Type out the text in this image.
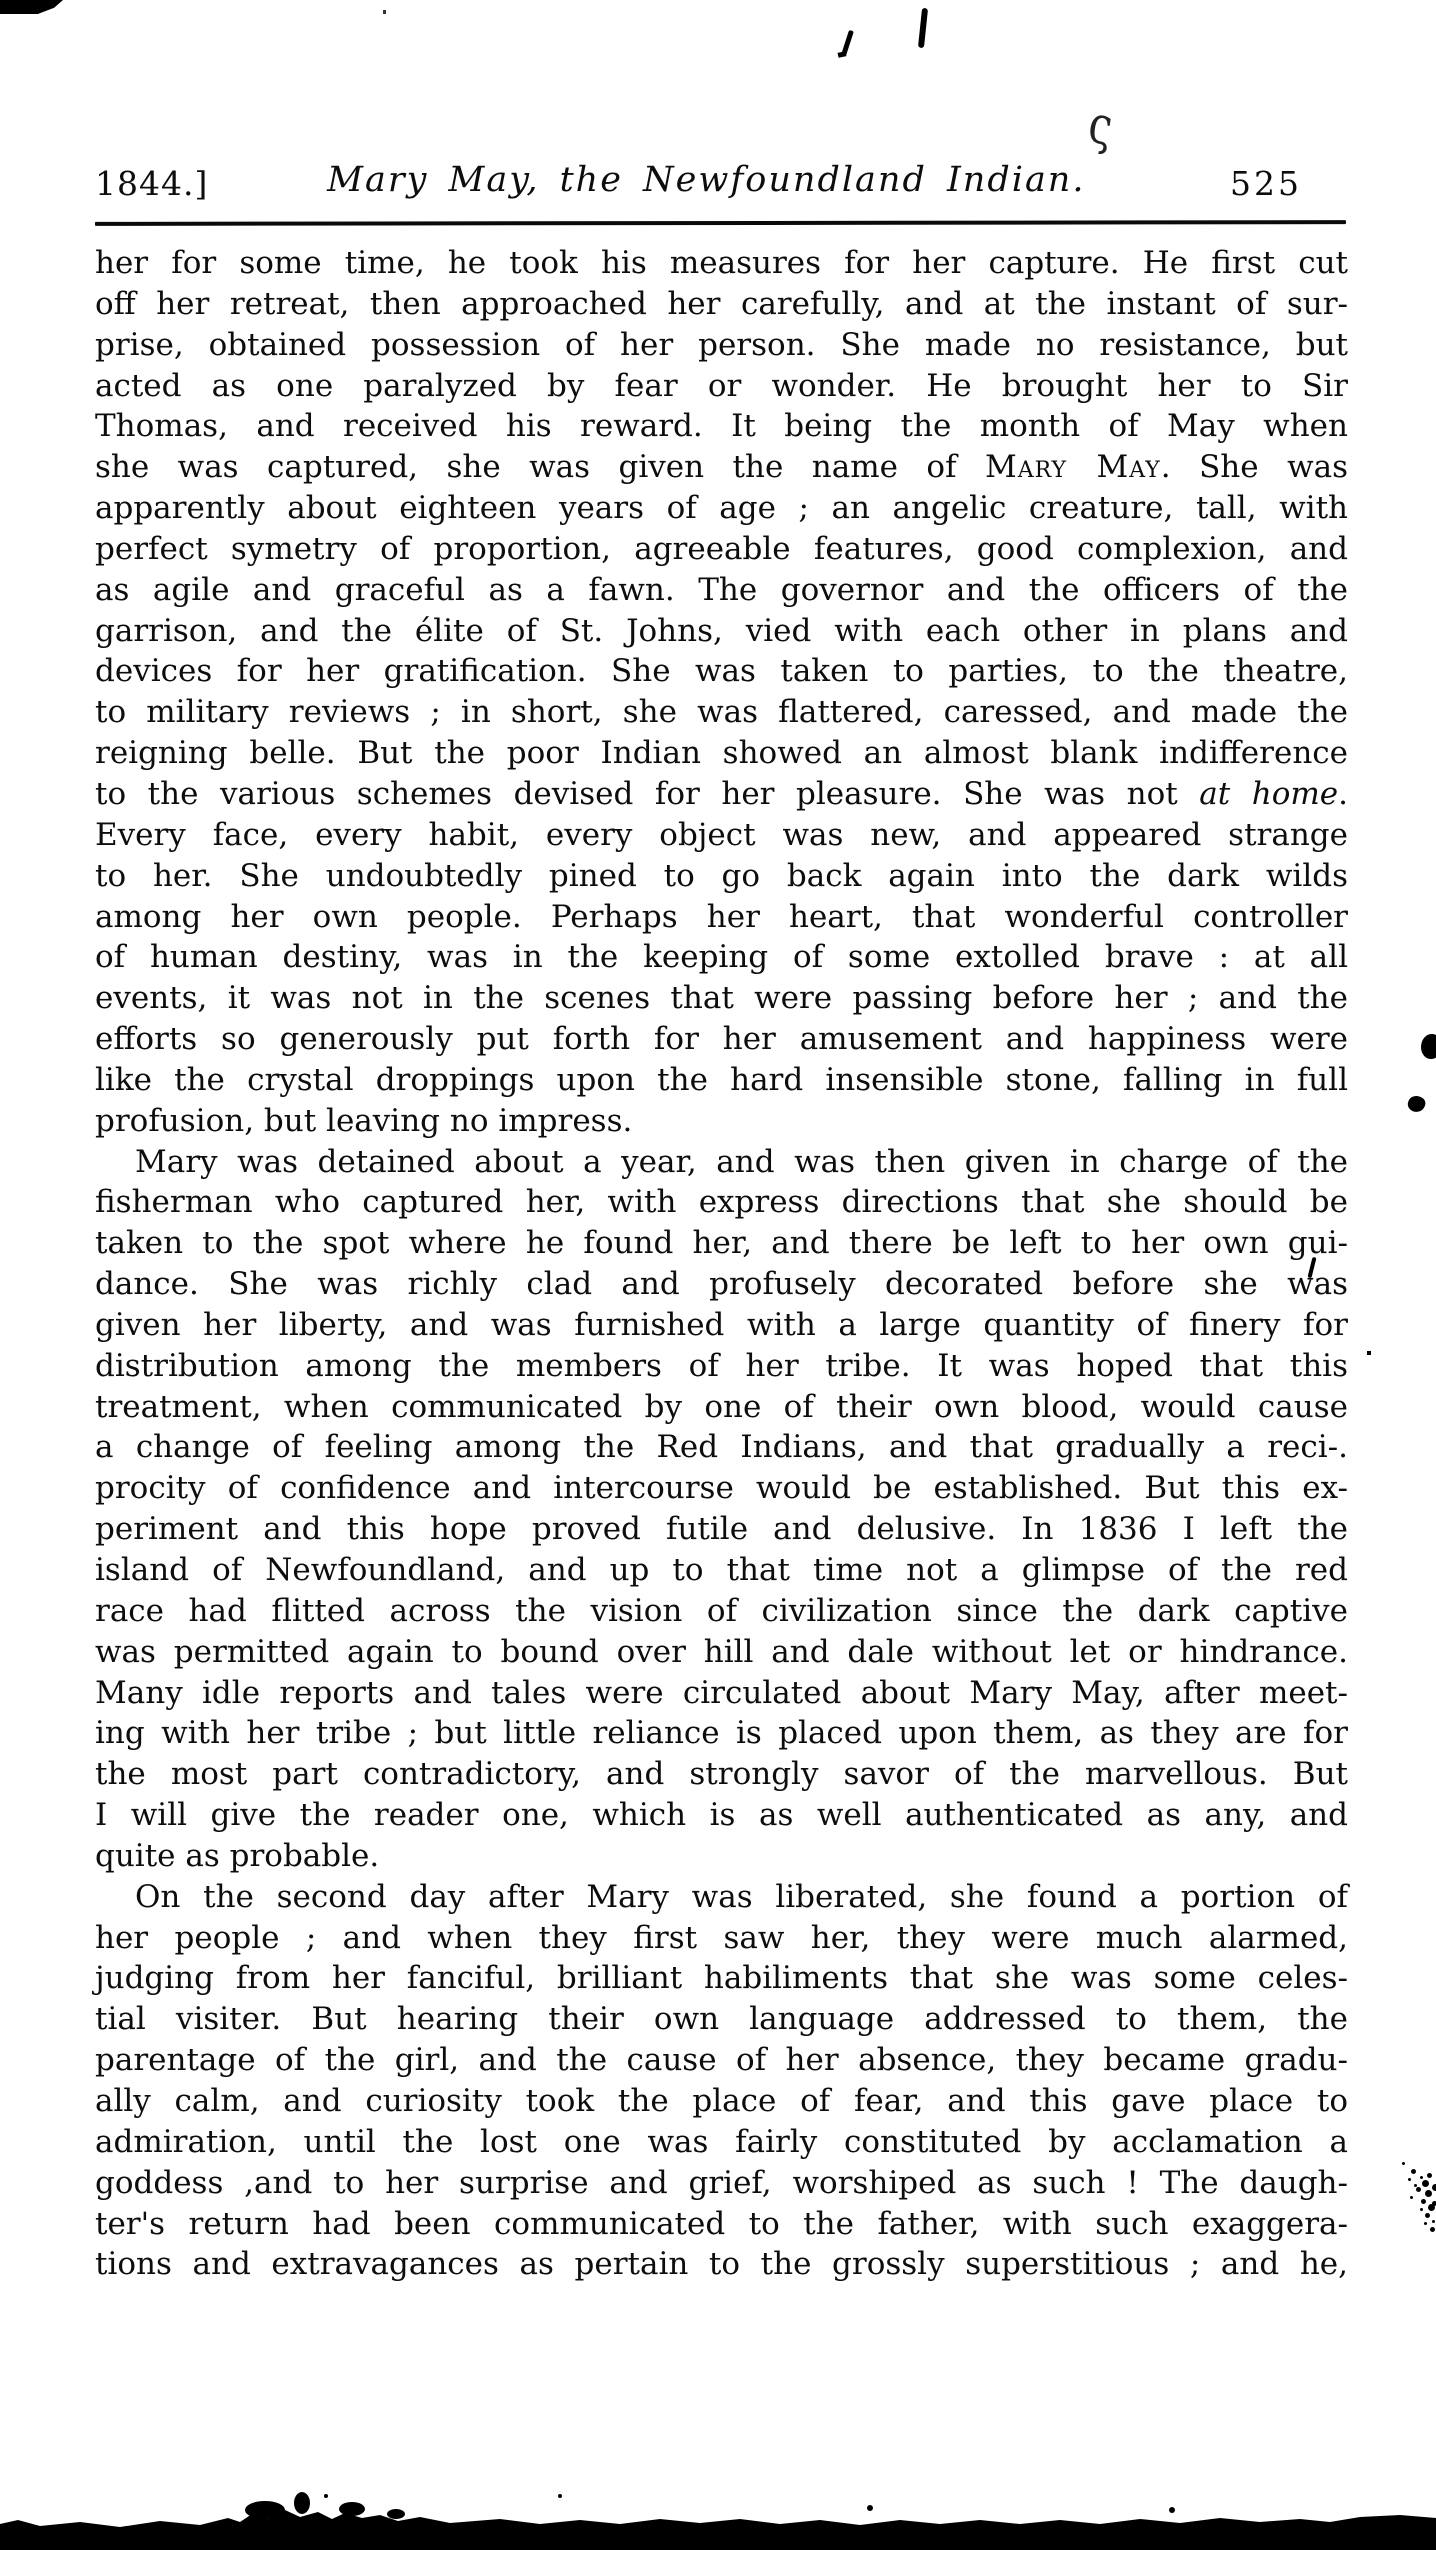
ς
1844.]	Mary May, the Newfoundland Indian.	525
her for some time, he took his measures for her capture. He first cut
off her retreat, then approached her carefully, and at the instant of sur-
prise, obtained possession of her person. She made no resistance, but
acted as one paralyzed by fear or wonder. He brought her to Sir
Thomas, and received his reward. It being the month of May when
she was captured, she was given the name of Mary May. She was
apparently about eighteen years of age ; an angelic creature, tall, with
perfect symetry of proportion, agreeable features, good complexion, and
as agile and graceful as a fawn. The governor and the officers of the
garrison, and the élite of St. Johns, vied with each other in plans and
devices for her gratification. She was taken to parties, to the theatre,
to military reviews ; in short, she was flattered, caressed, and made the
reigning belle. But the poor Indian showed an almost blank indifference
to the various schemes devised for her pleasure. She was not at home.
Every face, every habit, every object was new, and appeared strange
to her. She undoubtedly pined to go back again into the dark wilds
among her own people. Perhaps her heart, that wonderful controller
of human destiny, was in the keeping of some extolled brave : at all
events, it was not in the scenes that were passing before her ; and the
efforts so generously put forth for her amusement and happiness were
like the crystal droppings upon the hard insensible stone, falling in full
profusion, but leaving no impress.
Mary was detained about a year, and was then given in charge of the
fisherman who captured her, with express directions that she should be
taken to the spot where he found her, and there be left to her own gui-
dance. She was richly clad and profusely decorated before she was
given her liberty, and was furnished with a large quantity of finery for
distribution among the members of her tribe. It was hoped that this
treatment, when communicated by one of their own blood, would cause
a change of feeling among the Red Indians, and that gradually a reci-.
procity of confidence and intercourse would be established. But this ex-
periment and this hope proved futile and delusive. In 1836 I left the
island of Newfoundland, and up to that time not a glimpse of the red
race had flitted across the vision of civilization since the dark captive
was permitted again to bound over hill and dale without let or hindrance.
Many idle reports and tales were circulated about Mary May, after meet-
ing with her tribe ; but little reliance is placed upon them, as they are for
the most part contradictory, and strongly savor of the marvellous. But
I will give the reader one, which is as well authenticated as any, and
quite as probable.
On the second day after Mary was liberated, she found a portion of
her people ; and when they first saw her, they were much alarmed,
judging from her fanciful, brilliant habiliments that she was some celes-
tial visiter. But hearing their own language addressed to them, the
parentage of the girl, and the cause of her absence, they became gradu-
ally calm, and curiosity took the place of fear, and this gave place to
admiration, until the lost one was fairly constituted by acclamation a
goddess ,and to her surprise and grief, worshiped as such ! The daugh-
ter's return had been communicated to the father, with such exaggera-
tions and extravagances as pertain to the grossly superstitious ; and he,
